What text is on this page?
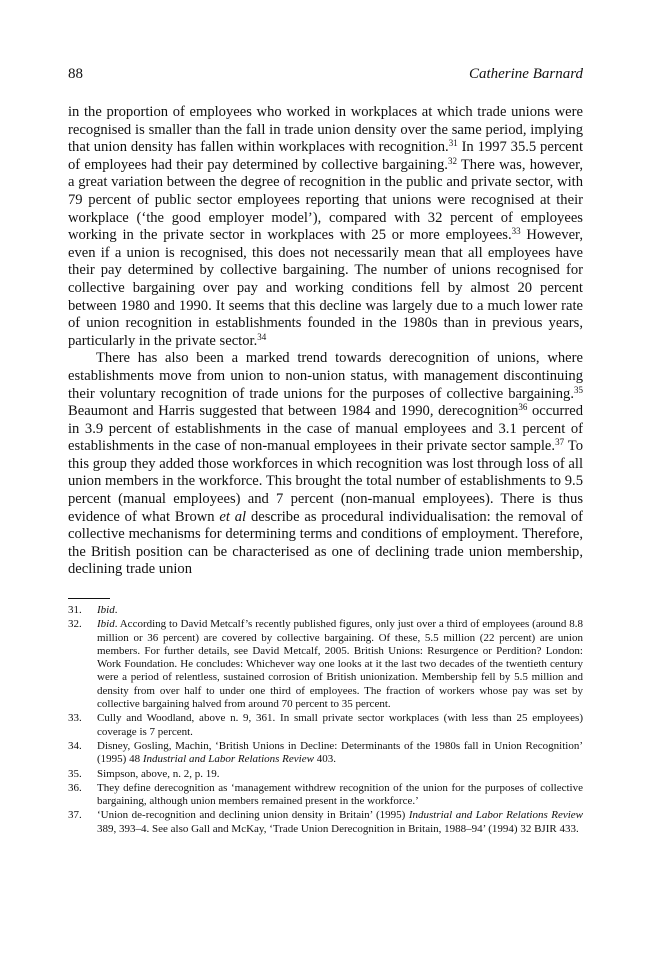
88	Catherine Barnard

in the proportion of employees who worked in workplaces at which trade unions were recognised is smaller than the fall in trade union density over the same period, implying that union density has fallen within workplaces with recognition.$^{31}$ In 1997 35.5 percent of employees had their pay determined by collective bargaining.$^{32}$ There was, however, a great variation between the degree of recognition in the public and private sector, with 79 percent of public sector employees reporting that unions were recognised at their workplace (‘the good employer model’), compared with 32 percent of employees working in the private sector in workplaces with 25 or more employees.$^{33}$ However, even if a union is recognised, this does not necessarily mean that all employees have their pay determined by collective bargaining. The number of unions recognised for collective bargaining over pay and working conditions fell by almost 20 percent between 1980 and 1990. It seems that this decline was largely due to a much lower rate of union recognition in establishments founded in the 1980s than in previous years, particularly in the private sector.$^{34}$

There has also been a marked trend towards derecognition of unions, where establishments move from union to non-union status, with management discontinuing their voluntary recognition of trade unions for the purposes of collective bargaining.$^{35}$ Beaumont and Harris suggested that between 1984 and 1990, derecognition$^{36}$ occurred in 3.9 percent of establishments in the case of manual employees and 3.1 percent of establishments in the case of non-manual employees in their private sector sample.$^{37}$ To this group they added those workforces in which recognition was lost through loss of all union members in the workforce. This brought the total number of establishments to 9.5 percent (manual employees) and 7 percent (non-manual employees). There is thus evidence of what Brown et al describe as procedural individualisation: the removal of collective mechanisms for determining terms and conditions of employment. Therefore, the British position can be characterised as one of declining trade union membership, declining trade union

31.	Ibid.
32.	Ibid. According to David Metcalf’s recently published figures, only just over a third of employees (around 8.8 million or 36 percent) are covered by collective bargaining. Of these, 5.5 million (22 percent) are union members. For further details, see David Metcalf, 2005. British Unions: Resurgence or Perdition? London: Work Foundation. He concludes: Whichever way one looks at it the last two decades of the twentieth century were a period of relentless, sustained corrosion of British unionization. Membership fell by 5.5 million and density from over half to under one third of employees. The fraction of workers whose pay was set by collective bargaining halved from around 70 percent to 35 percent.
33.	Cully and Woodland, above n. 9, 361. In small private sector workplaces (with less than 25 employees) coverage is 7 percent.
34.	Disney, Gosling, Machin, ‘British Unions in Decline: Determinants of the 1980s fall in Union Recognition’ (1995) 48 Industrial and Labor Relations Review 403.
35.	Simpson, above, n. 2, p. 19.
36.	They define derecognition as ‘management withdrew recognition of the union for the purposes of collective bargaining, although union members remained present in the workforce.’
37.	‘Union de-recognition and declining union density in Britain’ (1995) Industrial and Labor Relations Review 389, 393–4. See also Gall and McKay, ‘Trade Union Derecognition in Britain, 1988–94’ (1994) 32 BJIR 433.
